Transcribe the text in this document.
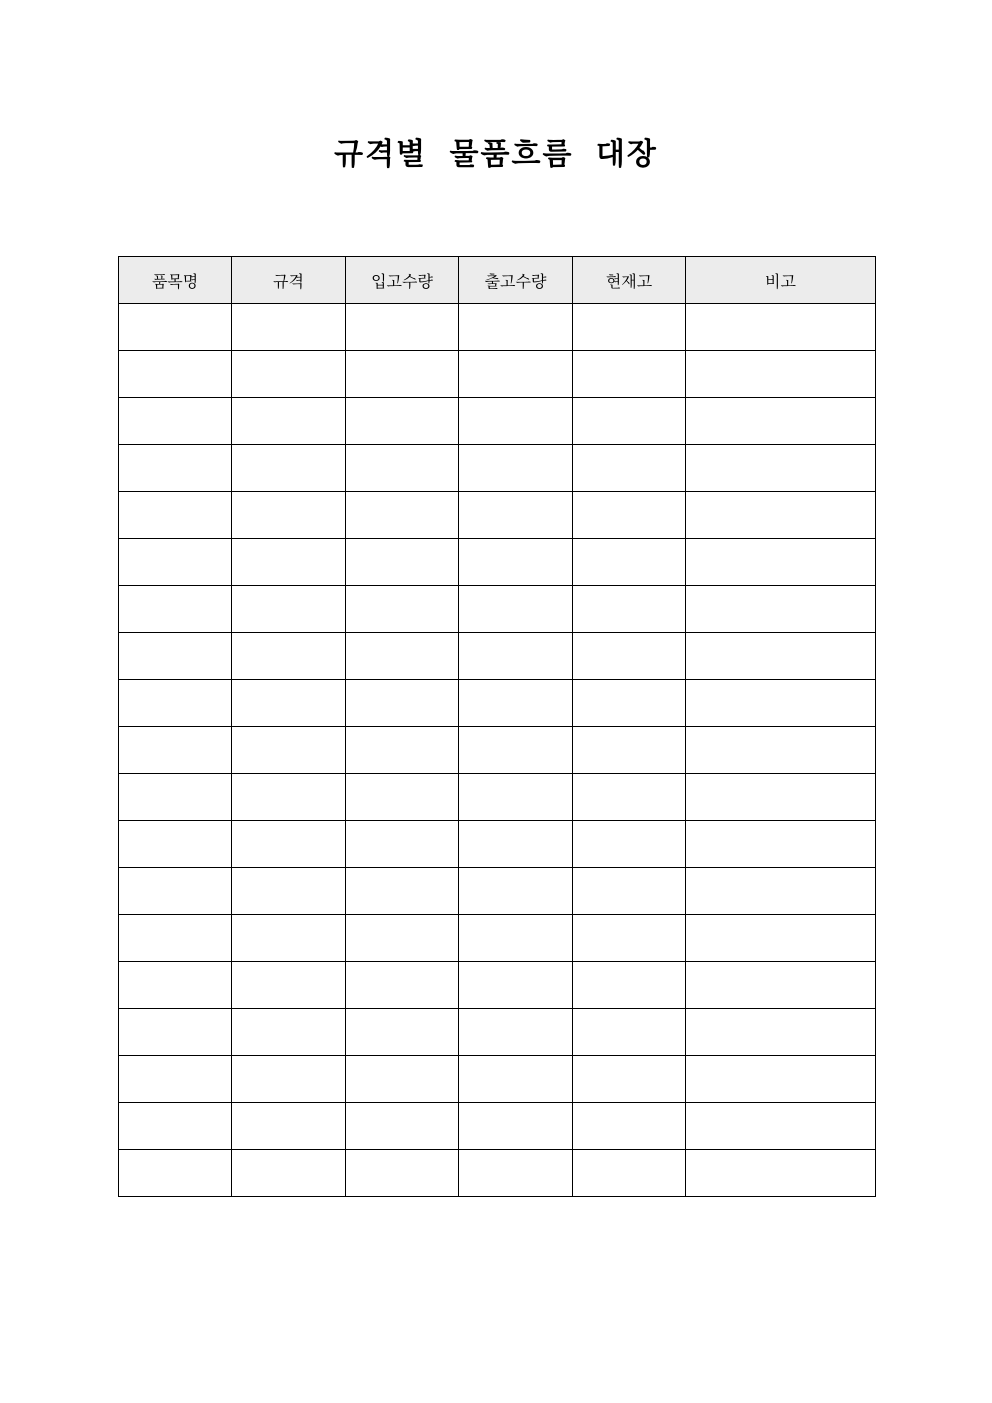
규격별 물품흐름 대장
품목명	규격	입고수량	출고수량	현재고	비고
